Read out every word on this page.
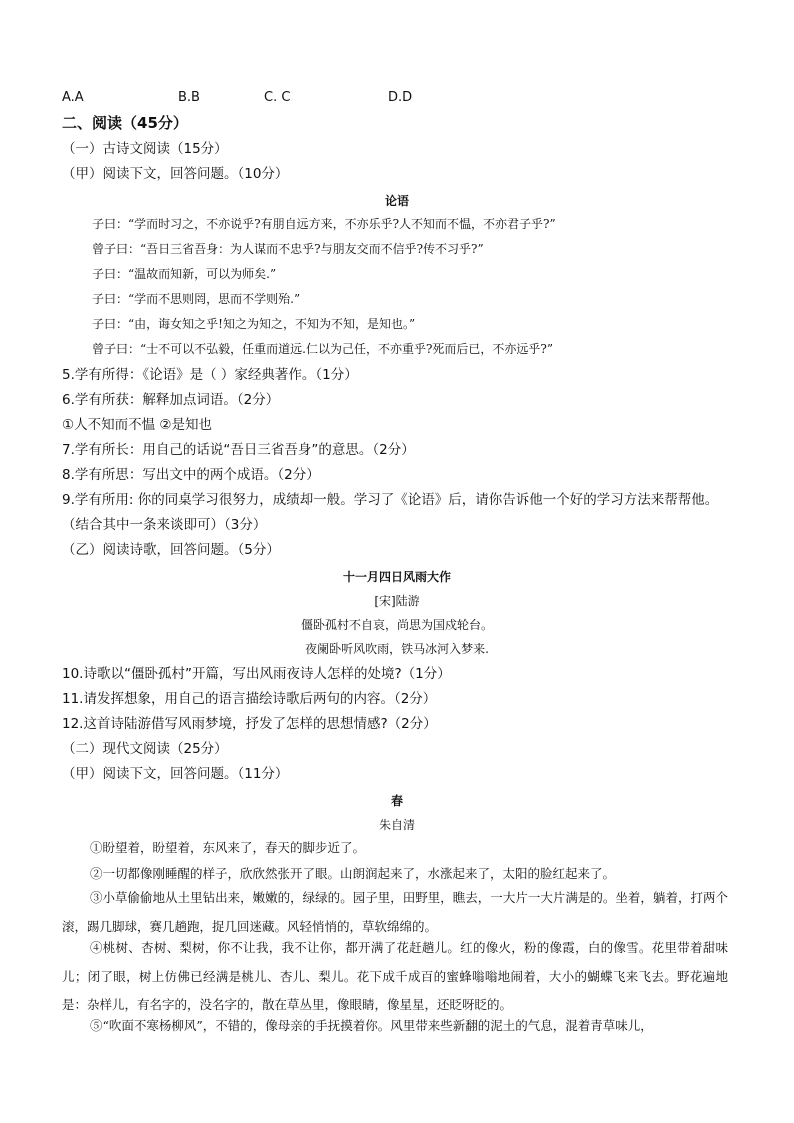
A.A	B.B	C. C	D.D
二、阅读（45分）
（一）古诗文阅读（15分）
（甲）阅读下文，回答问题。（10分）
论语
子曰：“学而时习之，不亦说乎?有朋自远方来，不亦乐乎?人不知而不愠，不亦君子乎?”
曾子曰：“吾日三省吾身：为人谋而不忠乎?与朋友交而不信乎?传不习乎?”
子曰：“温故而知新，可以为师矣.”
子曰：“学而不思则罔，思而不学则殆.”
子曰：“由，诲女知之乎!知之为知之，不知为不知，是知也。”
曾子曰：“士不可以不弘毅，任重而道远.仁以为己任，不亦重乎?死而后已，不亦远乎?”
5.学有所得：《论语》是（ ）家经典著作。（1分）
6.学有所获：解释加点词语。（2分）
①人不知而不愠 ②是知也
7.学有所长：用自己的话说“吾日三省吾身”的意思。（2分）
8.学有所思：写出文中的两个成语。（2分）
9.学有所用: 你的同桌学习很努力，成绩却一般。学习了《论语》后，请你告诉他一个好的学习方法来帮帮他。
（结合其中一条来谈即可）（3分）
（乙）阅读诗歌，回答问题。（5分）
十一月四日风雨大作
[宋]陆游
僵卧孤村不自哀，尚思为国戍轮台。
夜阑卧听风吹雨，铁马冰河入梦来.
10.诗歌以“僵卧孤村”开篇，写出风雨夜诗人怎样的处境?（1分）
11.请发挥想象，用自己的语言描绘诗歌后两句的内容。（2分）
12.这首诗陆游借写风雨梦境，抒发了怎样的思想情感?（2分）
（二）现代文阅读（25分）
（甲）阅读下文，回答问题。（11分）
春
朱自清
①盼望着，盼望着，东风来了，春天的脚步近了。
②一切都像刚睡醒的样子，欣欣然张开了眼。山朗润起来了，水涨起来了，太阳的脸红起来了。
③小草偷偷地从土里钻出来，嫩嫩的，绿绿的。园子里，田野里，瞧去，一大片一大片满是的。坐着，躺着，打两个滚，踢几脚球，赛几趟跑，捉几回迷藏。风轻悄悄的，草软绵绵的。
④桃树、杏树、梨树，你不让我，我不让你，都开满了花赶趟儿。红的像火，粉的像霞，白的像雪。花里带着甜味儿；闭了眼，树上仿佛已经满是桃儿、杏儿、梨儿。花下成千成百的蜜蜂嗡嗡地闹着，大小的蝴蝶飞来飞去。野花遍地是：杂样儿，有名字的，没名字的，散在草丛里，像眼睛，像星星，还眨呀眨的。
⑤“吹面不寒杨柳风”，不错的，像母亲的手抚摸着你。风里带来些新翻的泥土的气息，混着青草味儿，
